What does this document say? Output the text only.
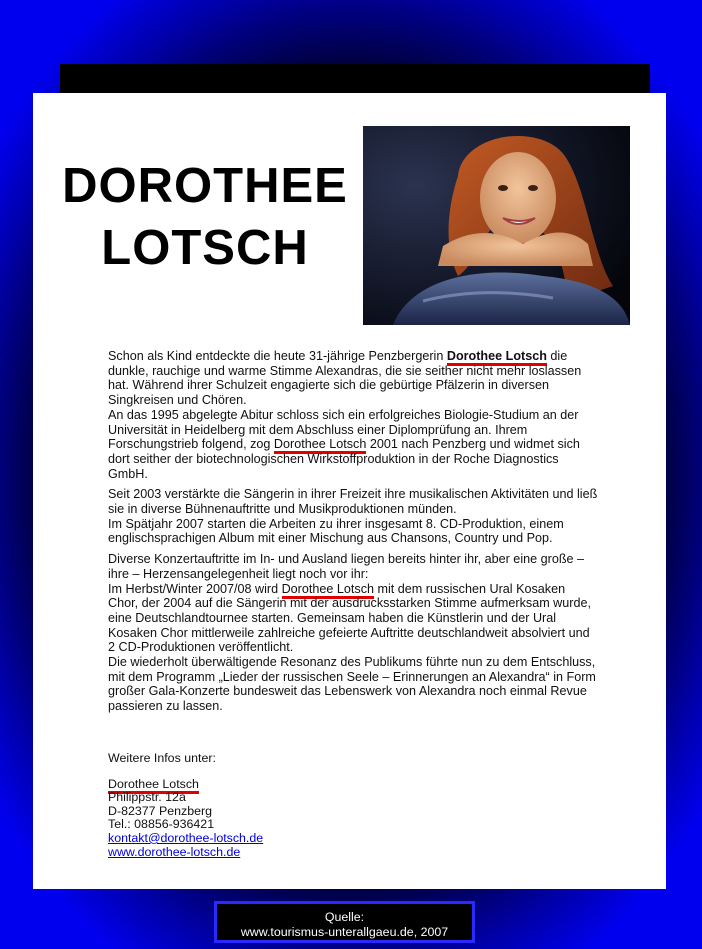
DOROTHEE
LOTSCH

Schon als Kind entdeckte die heute 31-jährige Penzbergerin Dorothee Lotsch die dunkle, rauchige und warme Stimme Alexandras, die sie seither nicht mehr loslassen hat. Während ihrer Schulzeit engagierte sich die gebürtige Pfälzerin in diversen Singkreisen und Chören.

An das 1995 abgelegte Abitur schloss sich ein erfolgreiches Biologie-Studium an der Universität in Heidelberg mit dem Abschluss einer Diplomprüfung an. Ihrem Forschungstrieb folgend, zog Dorothee Lotsch 2001 nach Penzberg und widmet sich dort seither der biotechnologischen Wirkstoffproduktion in der Roche Diagnostics GmbH.

Seit 2003 verstärkte die Sängerin in ihrer Freizeit ihre musikalischen Aktivitäten und ließ sie in diverse Bühnenauftritte und Musikproduktionen münden.

Im Spätjahr 2007 starten die Arbeiten zu ihrer insgesamt 8. CD-Produktion, einem englischsprachigen Album mit einer Mischung aus Chansons, Country und Pop.

Diverse Konzertauftritte im In- und Ausland liegen bereits hinter ihr, aber eine große – ihre – Herzensangelegenheit liegt noch vor ihr:

Im Herbst/Winter 2007/08 wird Dorothee Lotsch mit dem russischen Ural Kosaken Chor, der 2004 auf die Sängerin mit der ausdrucksstarken Stimme aufmerksam wurde, eine Deutschlandtournee starten. Gemeinsam haben die Künstlerin und der Ural Kosaken Chor mittlerweile zahlreiche gefeierte Auftritte deutschlandweit absolviert und 2 CD-Produktionen veröffentlicht.

Die wiederholt überwältigende Resonanz des Publikums führte nun zu dem Entschluss, mit dem Programm „Lieder der russischen Seele – Erinnerungen an Alexandra“ in Form großer Gala-Konzerte bundesweit das Lebenswerk von Alexandra noch einmal Revue passieren zu lassen.

Weitere Infos unter:
Dorothee Lotsch
Philippstr. 12a
D-82377 Penzberg
Tel.: 08856-936421
kontakt@dorothee-lotsch.de
www.dorothee-lotsch.de
Quelle:
www.tourismus-unterallgaeu.de, 2007
